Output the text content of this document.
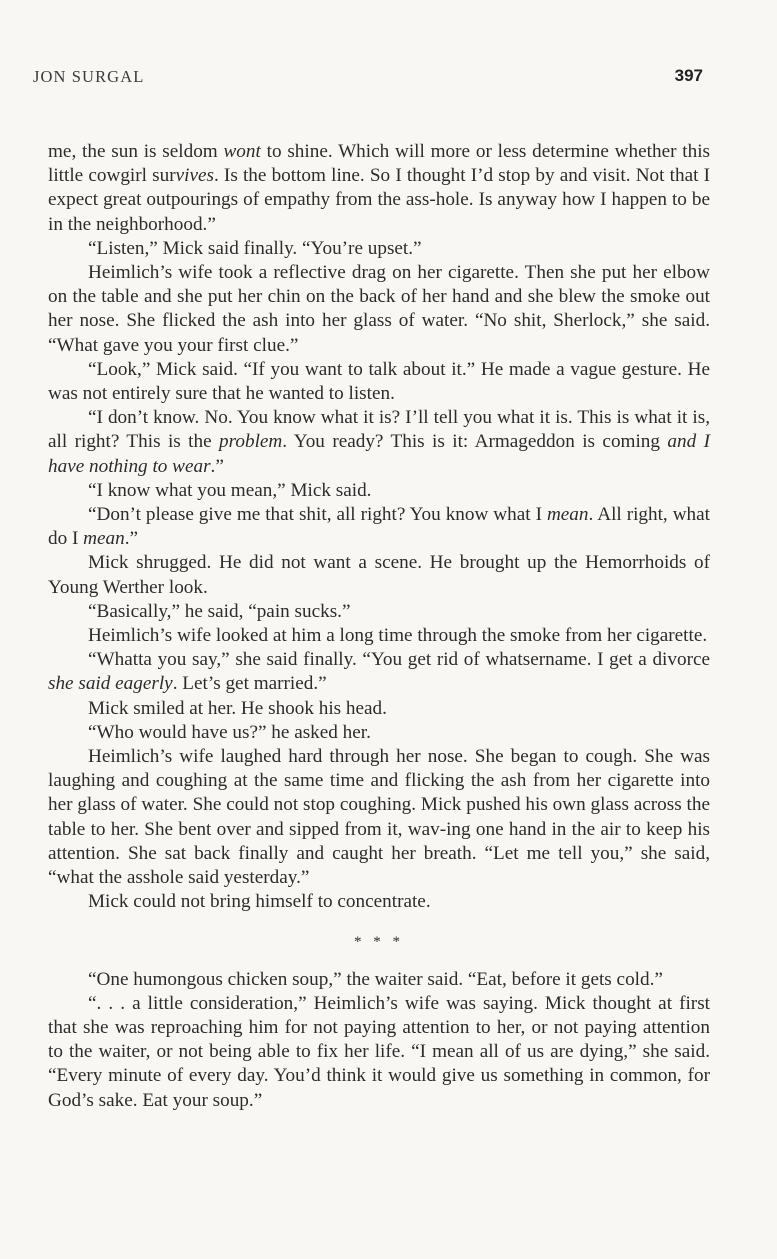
JON SURGAL	397

me, the sun is seldom wont to shine. Which will more or less determine whether this little cowgirl survives. Is the bottom line. So I thought I’d stop by and visit. Not that I expect great outpourings of empathy from the ass-hole. Is anyway how I happen to be in the neighborhood.”

“Listen,” Mick said finally. “You’re upset.”

Heimlich’s wife took a reflective drag on her cigarette. Then she put her elbow on the table and she put her chin on the back of her hand and she blew the smoke out her nose. She flicked the ash into her glass of water. “No shit, Sherlock,” she said. “What gave you your first clue.”

“Look,” Mick said. “If you want to talk about it.” He made a vague gesture. He was not entirely sure that he wanted to listen.

“I don’t know. No. You know what it is? I’ll tell you what it is. This is what it is, all right? This is the problem. You ready? This is it: Armageddon is coming and I have nothing to wear.”

“I know what you mean,” Mick said.

“Don’t please give me that shit, all right? You know what I mean. All right, what do I mean.”

Mick shrugged. He did not want a scene. He brought up the Hemorrhoids of Young Werther look.

“Basically,” he said, “pain sucks.”

Heimlich’s wife looked at him a long time through the smoke from her cigarette.

“Whatta you say,” she said finally. “You get rid of whatsername. I get a divorce she said eagerly. Let’s get married.”

Mick smiled at her. He shook his head.

“Who would have us?” he asked her.

Heimlich’s wife laughed hard through her nose. She began to cough. She was laughing and coughing at the same time and flicking the ash from her cigarette into her glass of water. She could not stop coughing. Mick pushed his own glass across the table to her. She bent over and sipped from it, wav-ing one hand in the air to keep his attention. She sat back finally and caught her breath. “Let me tell you,” she said, “what the asshole said yesterday.”

Mick could not bring himself to concentrate.

* * *

“One humongous chicken soup,” the waiter said. “Eat, before it gets cold.”

“. . . a little consideration,” Heimlich’s wife was saying. Mick thought at first that she was reproaching him for not paying attention to her, or not paying attention to the waiter, or not being able to fix her life. “I mean all of us are dying,” she said. “Every minute of every day. You’d think it would give us something in common, for God’s sake. Eat your soup.”
